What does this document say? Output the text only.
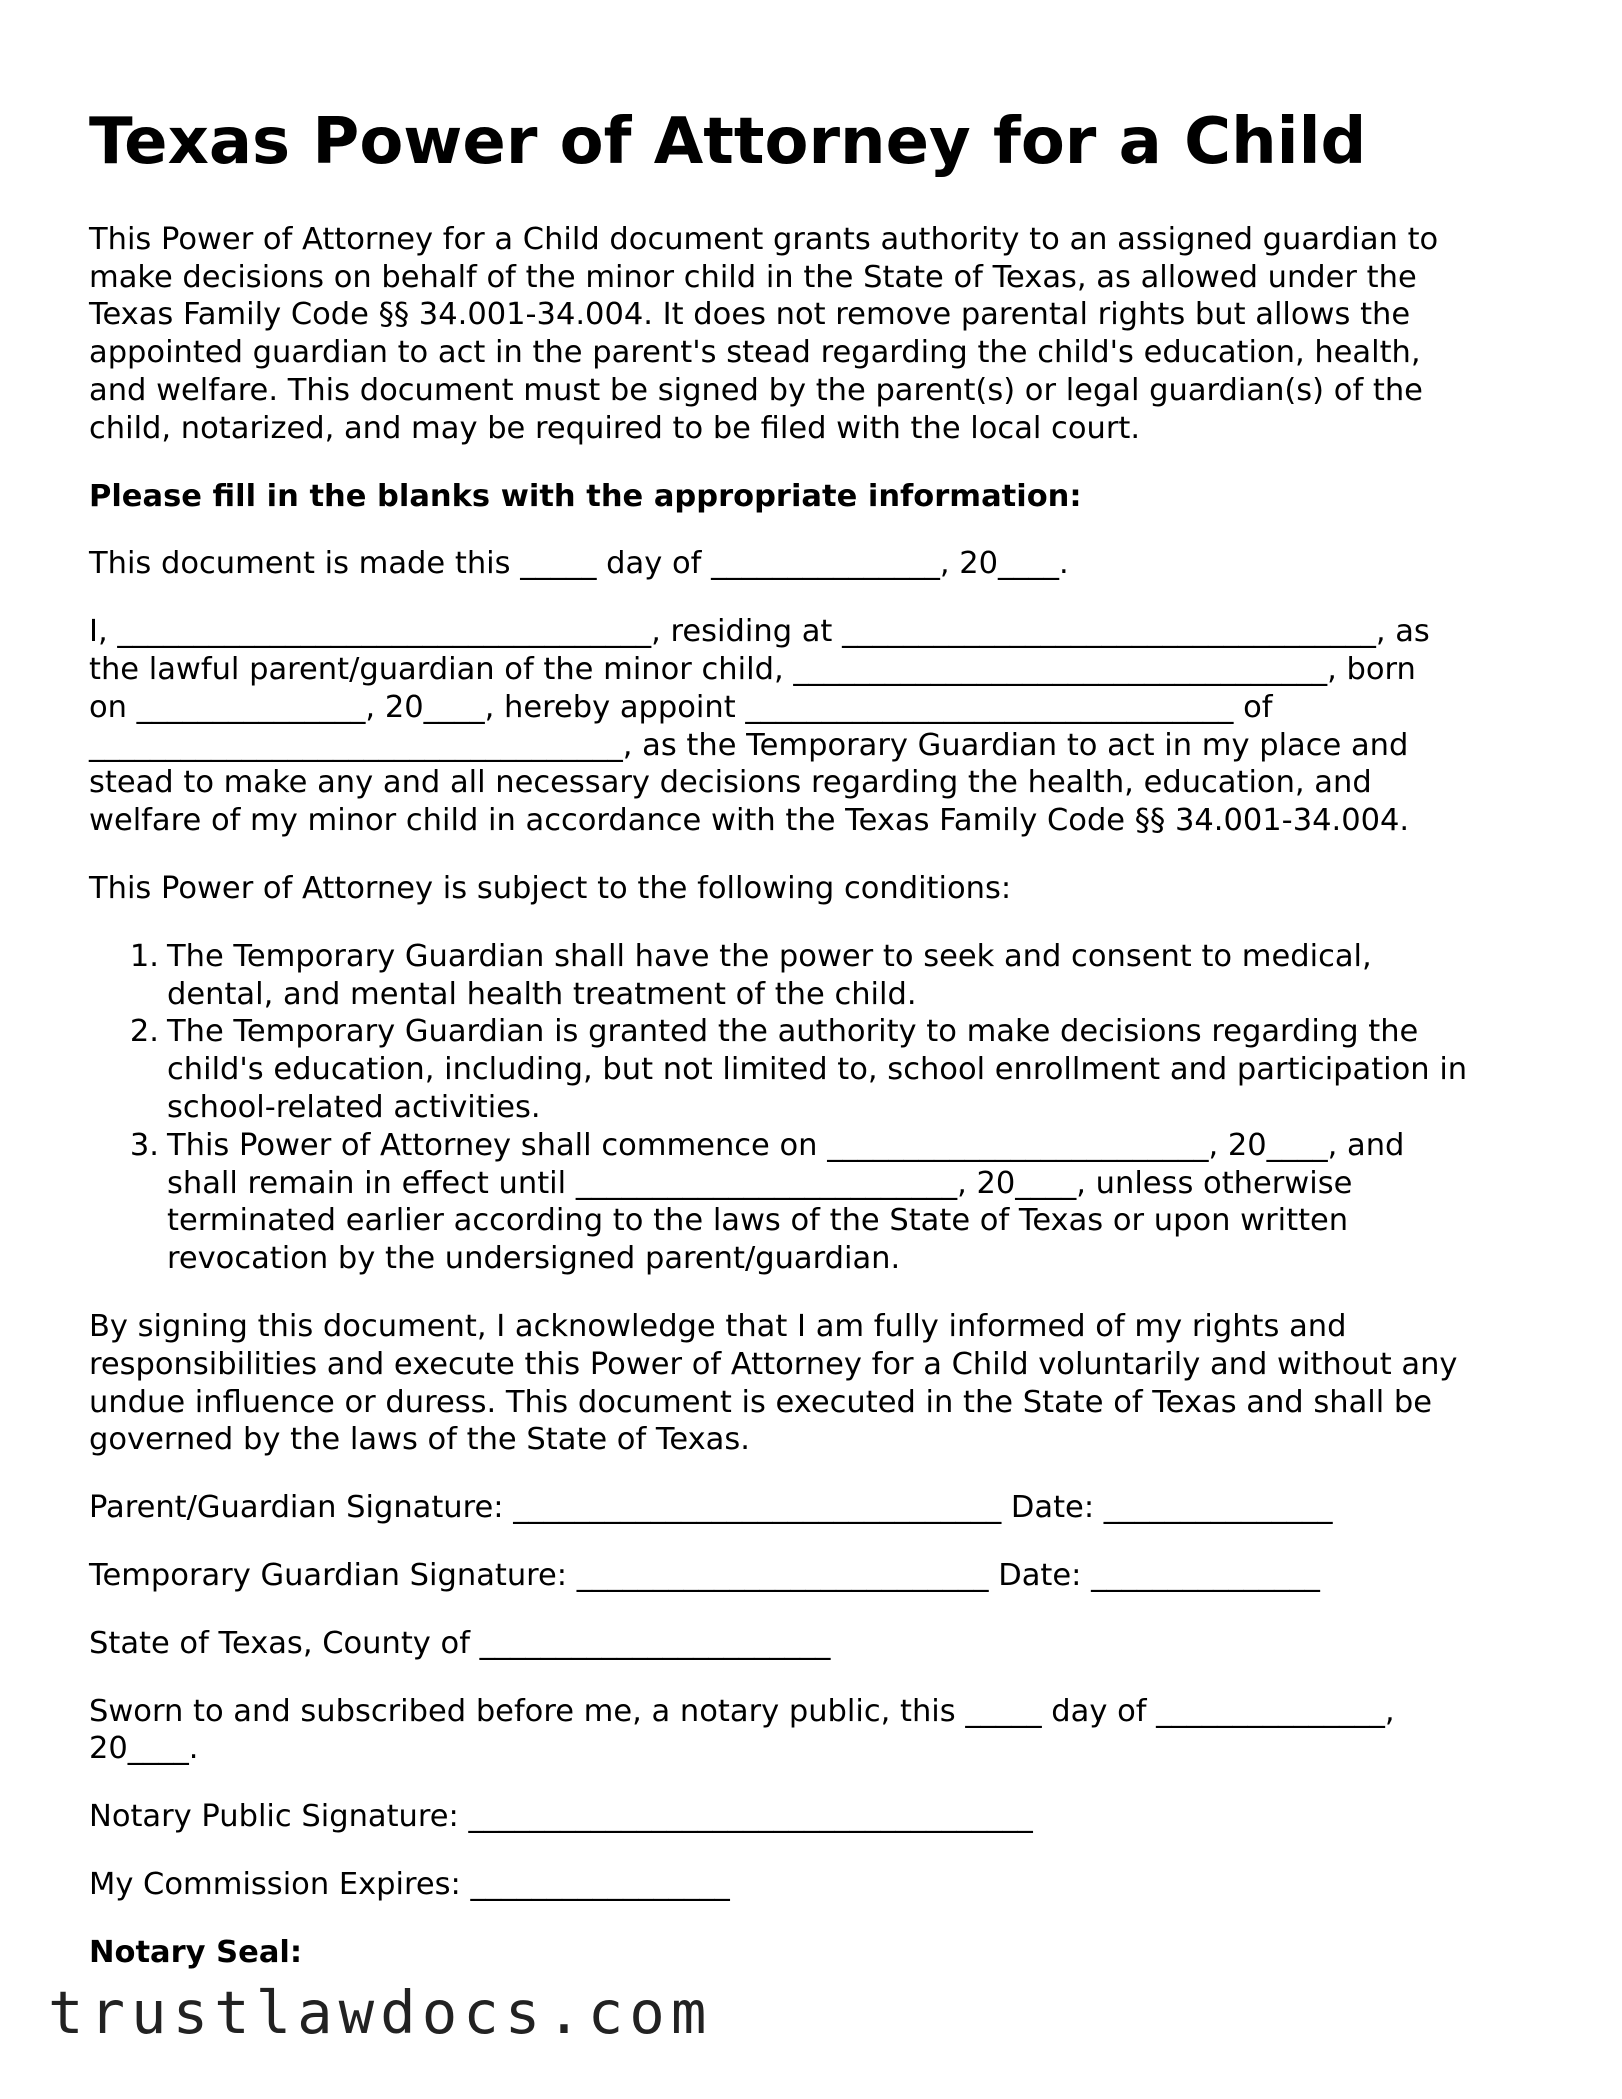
Texas Power of Attorney for a Child

This Power of Attorney for a Child document grants authority to an assigned guardian to
make decisions on behalf of the minor child in the State of Texas, as allowed under the
Texas Family Code §§ 34.001-34.004. It does not remove parental rights but allows the
appointed guardian to act in the parent's stead regarding the child's education, health,
and welfare. This document must be signed by the parent(s) or legal guardian(s) of the
child, notarized, and may be required to be filed with the local court.

Please fill in the blanks with the appropriate information:

This document is made this _____ day of _______________, 20____.

I, ___________________________________, residing at ___________________________________, as
the lawful parent/guardian of the minor child, ___________________________________, born
on _______________, 20____, hereby appoint ________________________________ of
___________________________________, as the Temporary Guardian to act in my place and
stead to make any and all necessary decisions regarding the health, education, and
welfare of my minor child in accordance with the Texas Family Code §§ 34.001-34.004.

This Power of Attorney is subject to the following conditions:

1. The Temporary Guardian shall have the power to seek and consent to medical,
dental, and mental health treatment of the child.
2. The Temporary Guardian is granted the authority to make decisions regarding the
child's education, including, but not limited to, school enrollment and participation in
school-related activities.
3. This Power of Attorney shall commence on _________________________, 20____, and
shall remain in effect until _________________________, 20____, unless otherwise
terminated earlier according to the laws of the State of Texas or upon written
revocation by the undersigned parent/guardian.

By signing this document, I acknowledge that I am fully informed of my rights and
responsibilities and execute this Power of Attorney for a Child voluntarily and without any
undue influence or duress. This document is executed in the State of Texas and shall be
governed by the laws of the State of Texas.

Parent/Guardian Signature: ________________________________ Date: _______________

Temporary Guardian Signature: ___________________________ Date: _______________

State of Texas, County of _______________________

Sworn to and subscribed before me, a notary public, this _____ day of _______________,
20____.

Notary Public Signature: _____________________________________

My Commission Expires: _________________

Notary Seal:

trustlawdocs.com
